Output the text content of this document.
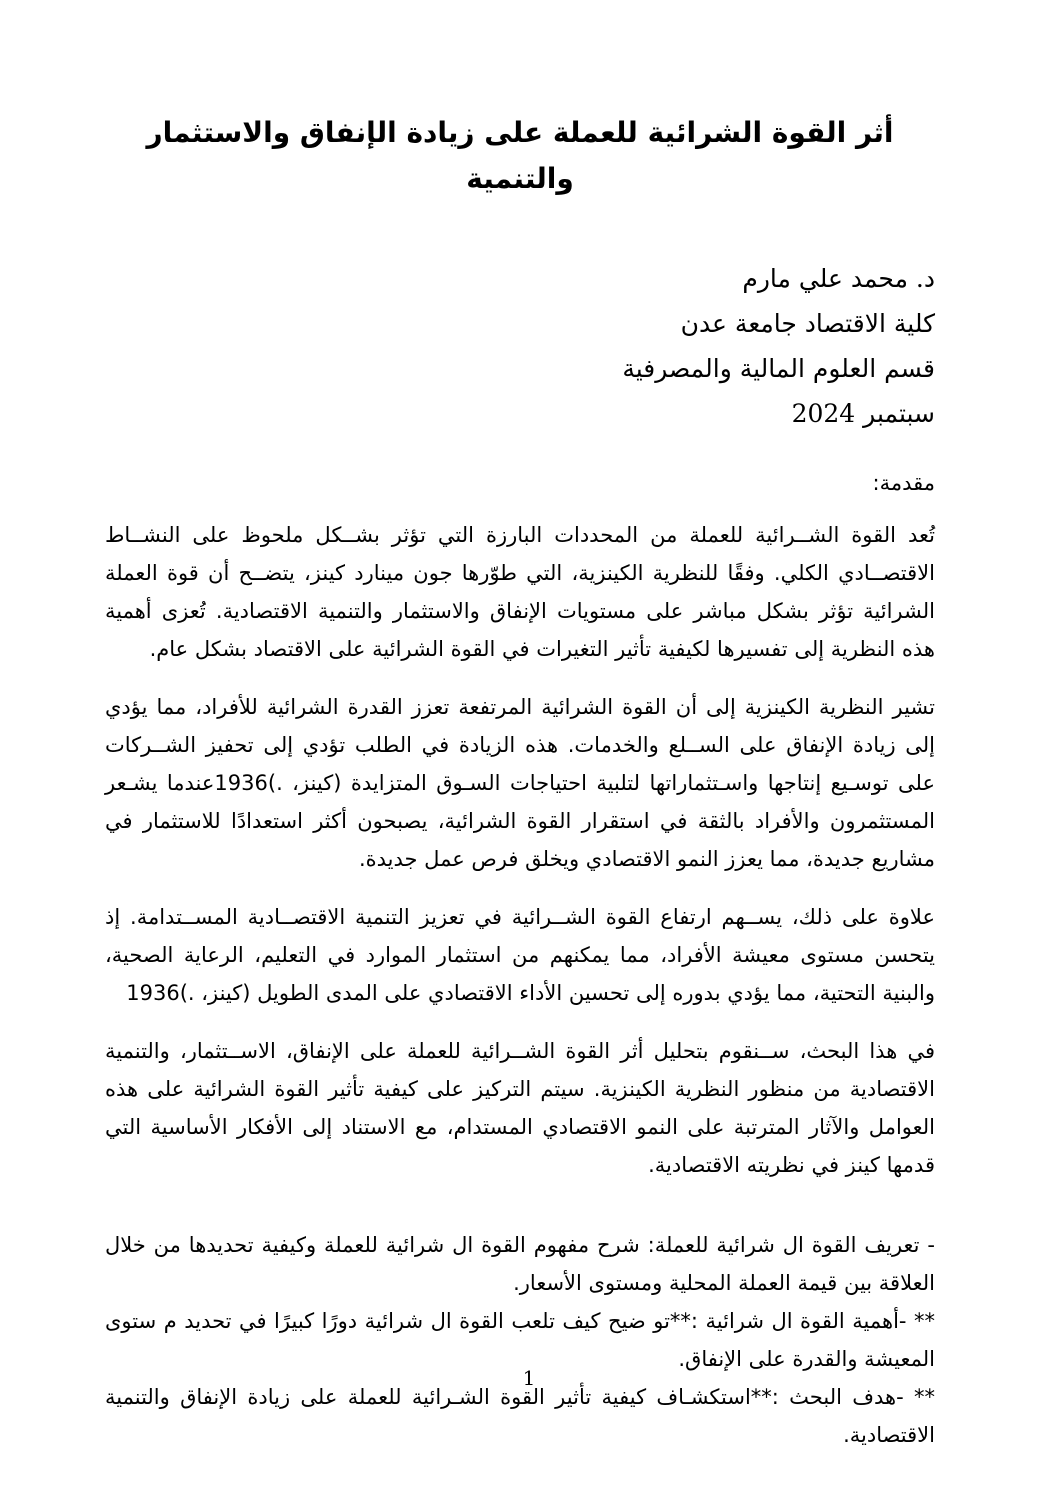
أثر القوة الشرائية للعملة على زيادة الإنفاق والاستثمار والتنمية
د. محمد علي مارم
كلية الاقتصاد جامعة عدن
قسم العلوم المالية والمصرفية
سبتمبر 2024
مقدمة:

تُعد القوة الشــرائية للعملة من المحددات البارزة التي تؤثر بشــكل ملحوظ على النشــاط الاقتصــادي الكلي. وفقًا للنظرية الكينزية، التي طوّرها جون مينارد كينز، يتضــح أن قوة العملة الشرائية تؤثر بشكل مباشر على مستويات الإنفاق والاستثمار والتنمية الاقتصادية. تُعزى أهمية هذه النظرية إلى تفسيرها لكيفية تأثير التغيرات في القوة الشرائية على الاقتصاد بشكل عام.

تشير النظرية الكينزية إلى أن القوة الشرائية المرتفعة تعزز القدرة الشرائية للأفراد، مما يؤدي إلى زيادة الإنفاق على الســلع والخدمات. هذه الزيادة في الطلب تؤدي إلى تحفيز الشــركات على توسـيع إنتاجها واسـتثماراتها لتلبية احتياجات السـوق المتزايدة (كينز، .)1936عندما يشـعر المستثمرون والأفراد بالثقة في استقرار القوة الشرائية، يصبحون أكثر استعدادًا للاستثمار في مشاريع جديدة، مما يعزز النمو الاقتصادي ويخلق فرص عمل جديدة.

علاوة على ذلك، يســهم ارتفاع القوة الشــرائية في تعزيز التنمية الاقتصــادية المســتدامة. إذ يتحسن مستوى معيشة الأفراد، مما يمكنهم من استثمار الموارد في التعليم، الرعاية الصحية، والبنية التحتية، مما يؤدي بدوره إلى تحسين الأداء الاقتصادي على المدى الطويل (كينز، .)1936

في هذا البحث، ســنقوم بتحليل أثر القوة الشــرائية للعملة على الإنفاق، الاســتثمار، والتنمية الاقتصادية من منظور النظرية الكينزية. سيتم التركيز على كيفية تأثير القوة الشرائية على هذه العوامل والآثار المترتبة على النمو الاقتصادي المستدام، مع الاستناد إلى الأفكار الأساسية التي قدمها كينز في نظريته الاقتصادية.

- تعريف القوة ال شرائية للعملة: شرح مفهوم القوة ال شرائية للعملة وكيفية تحديدها من خلال العلاقة بين قيمة العملة المحلية ومستوى الأسعار.

** -أهمية القوة ال شرائية :**تو ضيح كيف تلعب القوة ال شرائية دورًا كبيرًا في تحديد م ستوى المعيشة والقدرة على الإنفاق.

** -هدف البحث :**استكشـاف كيفية تأثير القوة الشـرائية للعملة على زيادة الإنفاق والتنمية الاقتصادية.

1
